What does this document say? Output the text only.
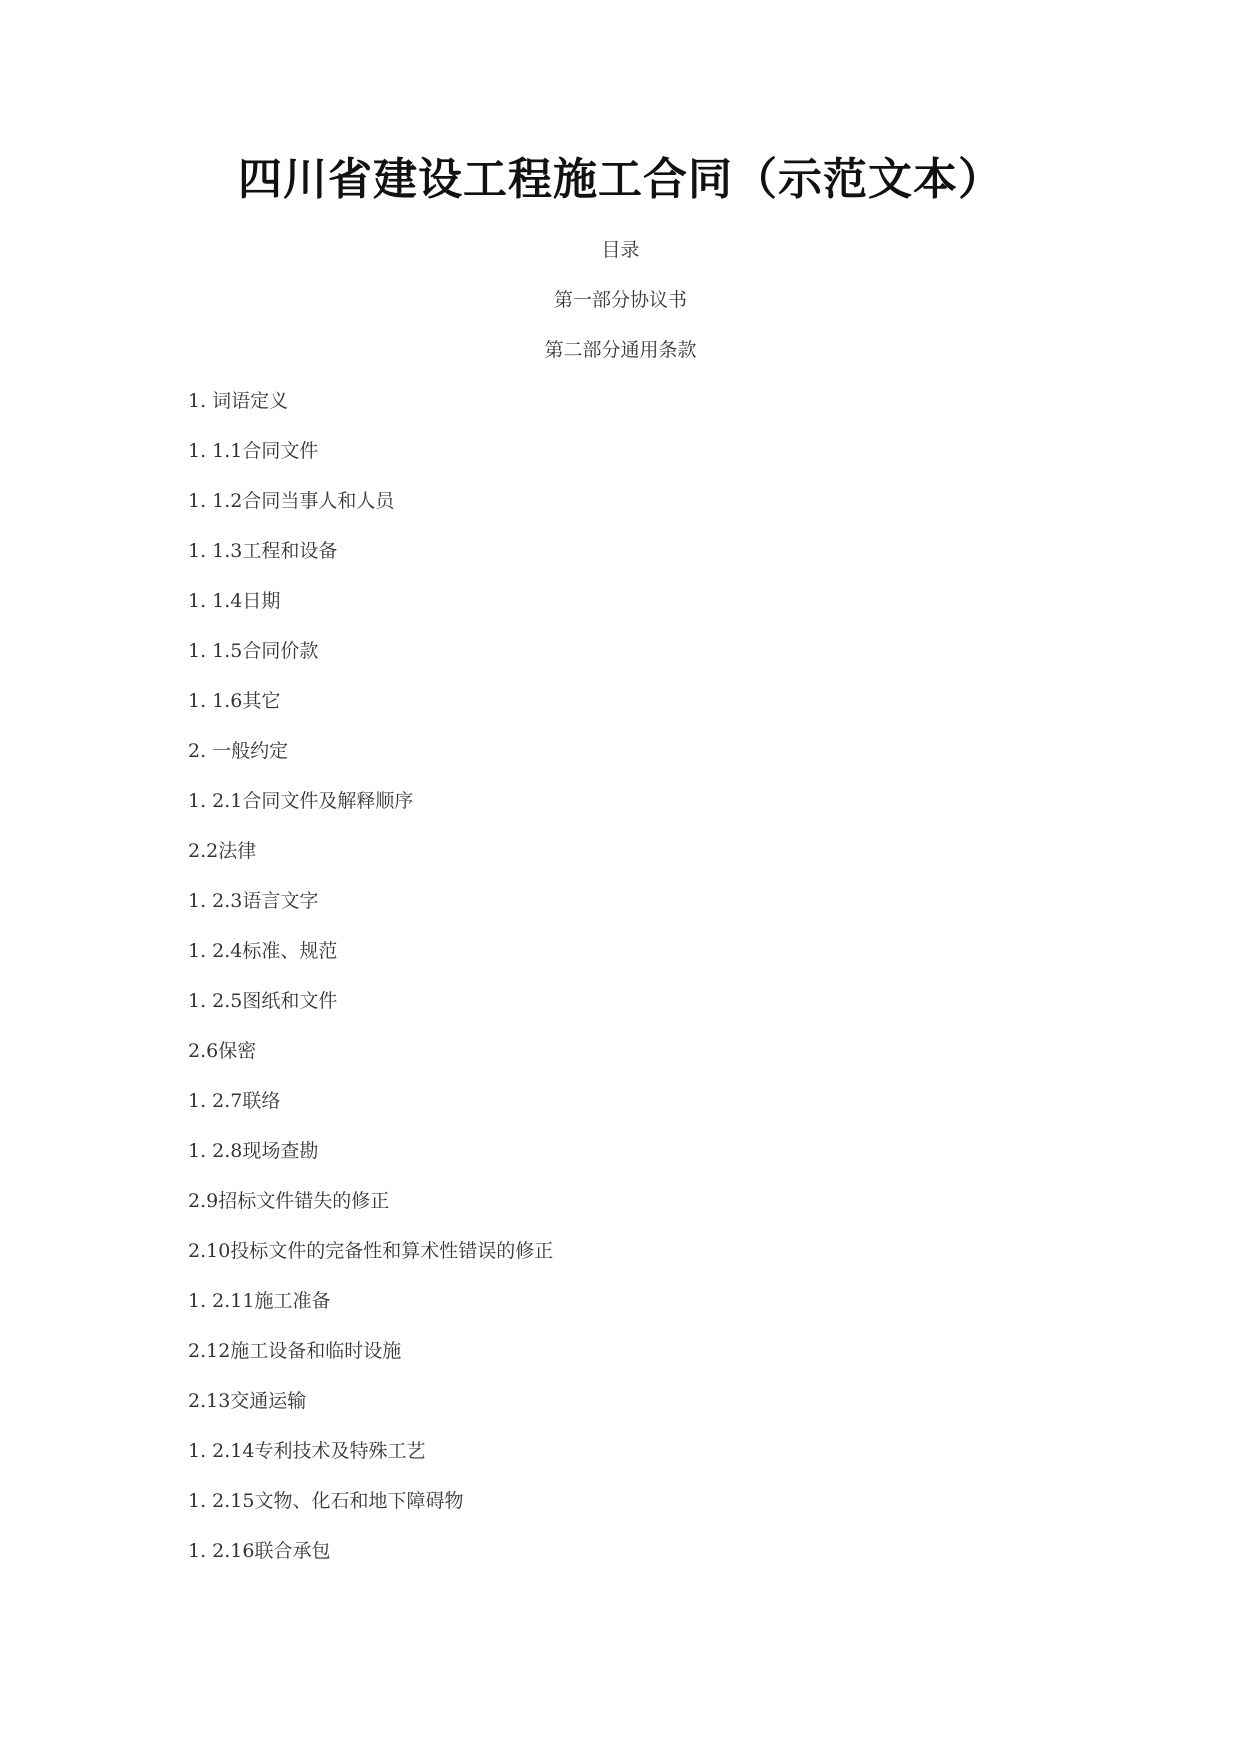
四川省建设工程施工合同（示范文本）
目录
第一部分协议书
第二部分通用条款
1. 词语定义
1. 1.1合同文件
1. 1.2合同当事人和人员
1. 1.3工程和设备
1. 1.4日期
1. 1.5合同价款
1. 1.6其它
2. 一般约定
1. 2.1合同文件及解释顺序
2.2法律
1. 2.3语言文字
1. 2.4标准、规范
1. 2.5图纸和文件
2.6保密
1. 2.7联络
1. 2.8现场查勘
2.9招标文件错失的修正
2.10投标文件的完备性和算术性错误的修正
1. 2.11施工准备
2.12施工设备和临时设施
2.13交通运输
1. 2.14专利技术及特殊工艺
1. 2.15文物、化石和地下障碍物
1. 2.16联合承包
